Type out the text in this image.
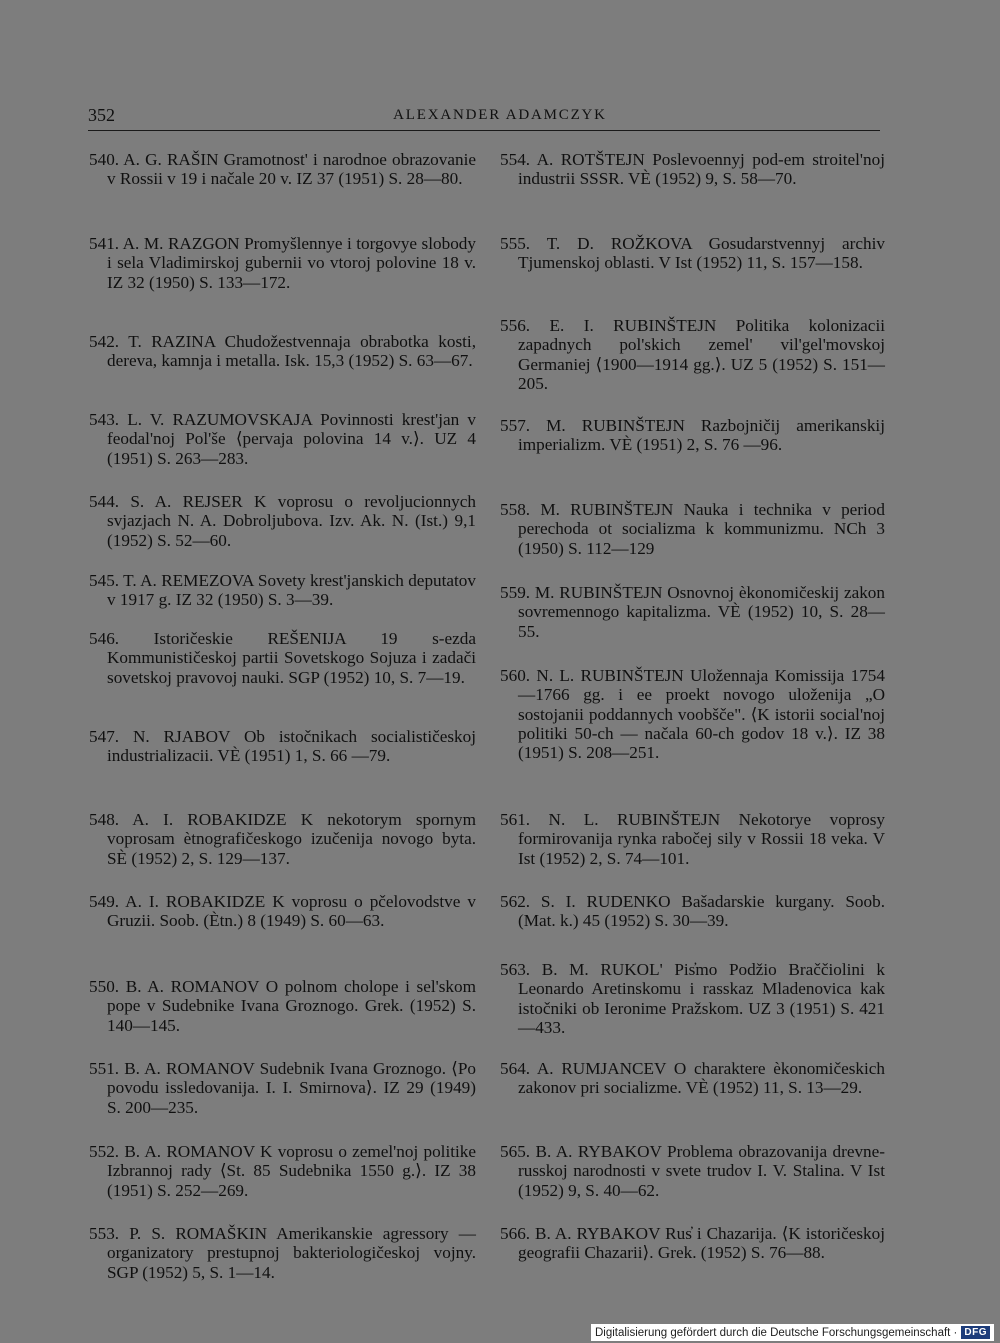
352	ALEXANDER ADAMCZYK

540. A. G. RAŠIN Gramotnost' i narodnoe obrazovanie v Rossii v 19 i načale 20 v. IZ 37 (1951) S. 28—80.

541. A. M. RAZGON Promyšlennye i torgovye slobody i sela Vladimirskoj gubernii vo vtoroj polovine 18 v. IZ 32 (1950) S. 133—172.

542. T. RAZINA Chudožestvennaja obrabotka kosti, dereva, kamnja i metalla. Isk. 15,3 (1952) S. 63—67.

543. L. V. RAZUMOVSKAJA Povinnosti krest'jan v feodal'noj Pol'še ⟨pervaja polovina 14 v.⟩. UZ 4 (1951) S. 263—283.

544. S. A. REJSER K voprosu o revoljucionnych svjazjach N. A. Dobroljubova. Izv. Ak. N. (Ist.) 9,1 (1952) S. 52—60.

545. T. A. REMEZOVA Sovety krest'janskich deputatov v 1917 g. IZ 32 (1950) S. 3—39.

546. Istoričeskie REŠENIJA 19 s-ezda Kommunističeskoj partii Sovetskogo Sojuza i zadači sovetskoj pravovoj nauki. SGP (1952) 10, S. 7—19.

547. N. RJABOV Ob istočnikach socialističeskoj industrializacii. VÈ (1951) 1, S. 66 —79.

548. A. I. ROBAKIDZE K nekotorym spornym voprosam ètnografičeskogo izučenija novogo byta. SÈ (1952) 2, S. 129—137.

549. A. I. ROBAKIDZE K voprosu o pčelovodstve v Gruzii. Soob. (Ètn.) 8 (1949) S. 60—63.

550. B. A. ROMANOV O polnom cholope i sel'skom pope v Sudebnike Ivana Groznogo. Grek. (1952) S. 140—145.

551. B. A. ROMANOV Sudebnik Ivana Groznogo. ⟨Po povodu issledovanija. I. I. Smirnova⟩. IZ 29 (1949) S. 200—235.

552. B. A. ROMANOV K voprosu o zemel'noj politike Izbrannoj rady ⟨St. 85 Sudebnika 1550 g.⟩. IZ 38 (1951) S. 252—269.

553. P. S. ROMAŠKIN Amerikanskie agressory — organizatory prestupnoj bakteriologičeskoj vojny. SGP (1952) 5, S. 1—14.

554. A. ROTŠTEJN Poslevoennyj pod-em stroitel'noj industrii SSSR. VÈ (1952) 9, S. 58—70.

555. T. D. ROŽKOVA Gosudarstvennyj archiv Tjumenskoj oblasti. V Ist (1952) 11, S. 157—158.

556. E. I. RUBINŠTEJN Politika kolonizacii zapadnych pol'skich zemel' vil'gel'movskoj Germaniej ⟨1900—1914 gg.⟩. UZ 5 (1952) S. 151—205.

557. M. RUBINŠTEJN Razbojničij amerikanskij imperializm. VÈ (1951) 2, S. 76 —96.

558. M. RUBINŠTEJN Nauka i technika v period perechoda ot socializma k kommunizmu. NCh 3 (1950) S. 112—129

559. M. RUBINŠTEJN Osnovnoj èkonomičeskij zakon sovremennogo kapitalizma. VÈ (1952) 10, S. 28—55.

560. N. L. RUBINŠTEJN Uložennaja Komissija 1754—1766 gg. i ee proekt novogo uloženija „O sostojanii poddannych voobšče". ⟨K istorii social'noj politiki 50-ch — načala 60-ch godov 18 v.⟩. IZ 38 (1951) S. 208—251.

561. N. L. RUBINŠTEJN Nekotorye voprosy formirovanija rynka rabočej sily v Rossii 18 veka. V Ist (1952) 2, S. 74—101.

562. S. I. RUDENKO Bašadarskie kurgany. Soob. (Mat. k.) 45 (1952) S. 30—39.

563. B. M. RUKOL' Pis̓mo Podžio Braččiolini k Leonardo Aretinskomu i rasskaz Mladenovica kak istočniki ob Ieronime Pražskom. UZ 3 (1951) S. 421—433.

564. A. RUMJANCEV O charaktere èkonomičeskich zakonov pri socializme. VÈ (1952) 11, S. 13—29.

565. B. A. RYBAKOV Problema obrazovanija drevne-russkoj narodnosti v svete trudov I. V. Stalina. V Ist (1952) 9, S. 40—62.

566. B. A. RYBAKOV Rus̓ i Chazarija. ⟨K istoričeskoj geografii Chazarii⟩. Grek. (1952) S. 76—88.

Digitalisierung gefördert durch die Deutsche Forschungsgemeinschaft · DFG
